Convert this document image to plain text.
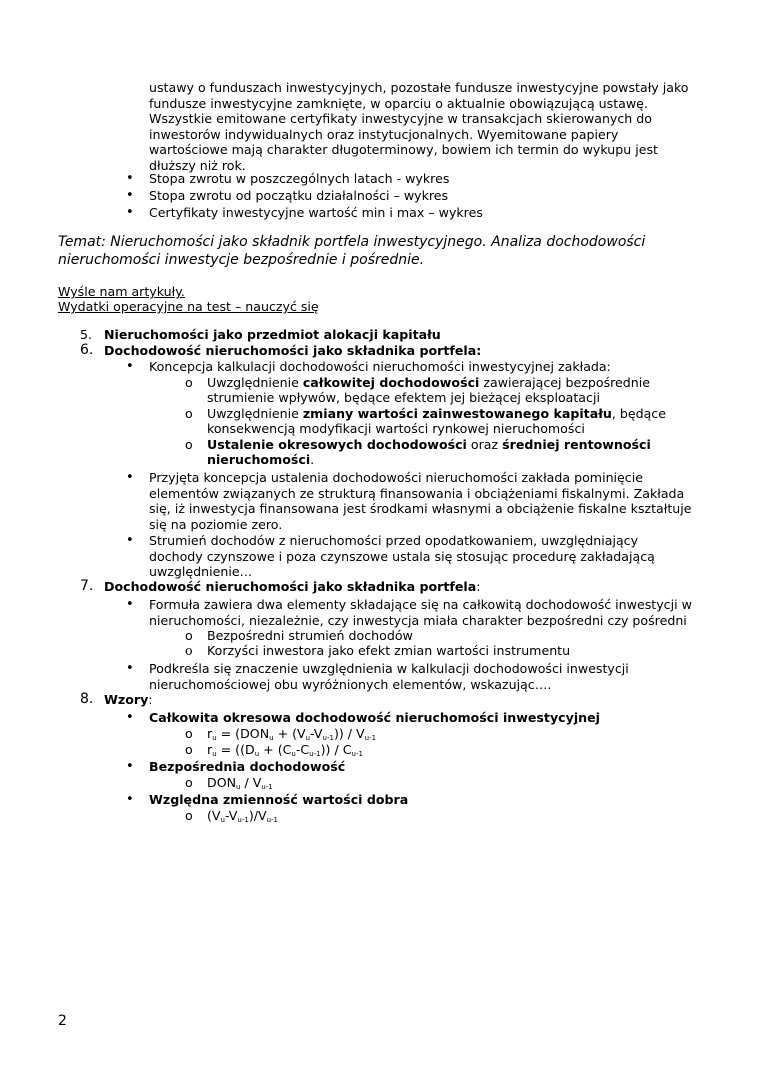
ustawy o funduszach inwestycyjnych, pozostałe fundusze inwestycyjne powstały jako
fundusze inwestycyjne zamknięte, w oparciu o aktualnie obowiązującą ustawę.
Wszystkie emitowane certyfikaty inwestycyjne w transakcjach skierowanych do
inwestorów indywidualnych oraz instytucjonalnych. Wyemitowane papiery
wartościowe mają charakter długoterminowy, bowiem ich termin do wykupu jest
dłuższy niż rok.
• Stopa zwrotu w poszczególnych latach - wykres
• Stopa zwrotu od początku działalności – wykres
• Certyfikaty inwestycyjne wartość min i max – wykres
Temat: Nieruchomości jako składnik portfela inwestycyjnego. Analiza dochodowości
nieruchomości inwestycje bezpośrednie i pośrednie.
Wyśle nam artykuły.
Wydatki operacyjne na test – nauczyć się
5. Nieruchomości jako przedmiot alokacji kapitału
6. Dochodowość nieruchomości jako składnika portfela:
• Koncepcja kalkulacji dochodowości nieruchomości inwestycyjnej zakłada:
o Uwzględnienie całkowitej dochodowości zawierającej bezpośrednie
strumienie wpływów, będące efektem jej bieżącej eksploatacji
o Uwzględnienie zmiany wartości zainwestowanego kapitału, będące
konsekwencją modyfikacji wartości rynkowej nieruchomości
o Ustalenie okresowych dochodowości oraz średniej rentowności
nieruchomości.
• Przyjęta koncepcja ustalenia dochodowości nieruchomości zakłada pominięcie
elementów związanych ze strukturą finansowania i obciążeniami fiskalnymi. Zakłada
się, iż inwestycja finansowana jest środkami własnymi a obciążenie fiskalne kształtuje
się na poziomie zero.
• Strumień dochodów z nieruchomości przed opodatkowaniem, uwzględniający
dochody czynszowe i poza czynszowe ustala się stosując procedurę zakładającą
uwzględnienie…
7. Dochodowość nieruchomości jako składnika portfela:
• Formuła zawiera dwa elementy składające się na całkowitą dochodowość inwestycji w
nieruchomości, niezależnie, czy inwestycja miała charakter bezpośredni czy pośredni
o Bezpośredni strumień dochodów
o Korzyści inwestora jako efekt zmian wartości instrumentu
• Podkreśla się znaczenie uwzględnienia w kalkulacji dochodowości inwestycji
nieruchomościowej obu wyróżnionych elementów, wskazując….
8. Wzory:
• Całkowita okresowa dochodowość nieruchomości inwestycyjnej
o $r_u = (DON_u + (V_u-V_{u-1})) / V_{u-1}$
o $r_u = ((D_u + (C_u-C_{u-1})) / C_{u-1}$
• Bezpośrednia dochodowość
o $DON_u / V_{u-1}$
• Względna zmienność wartości dobra
o $(V_u-V_{u-1})/V_{u-1}$
2
